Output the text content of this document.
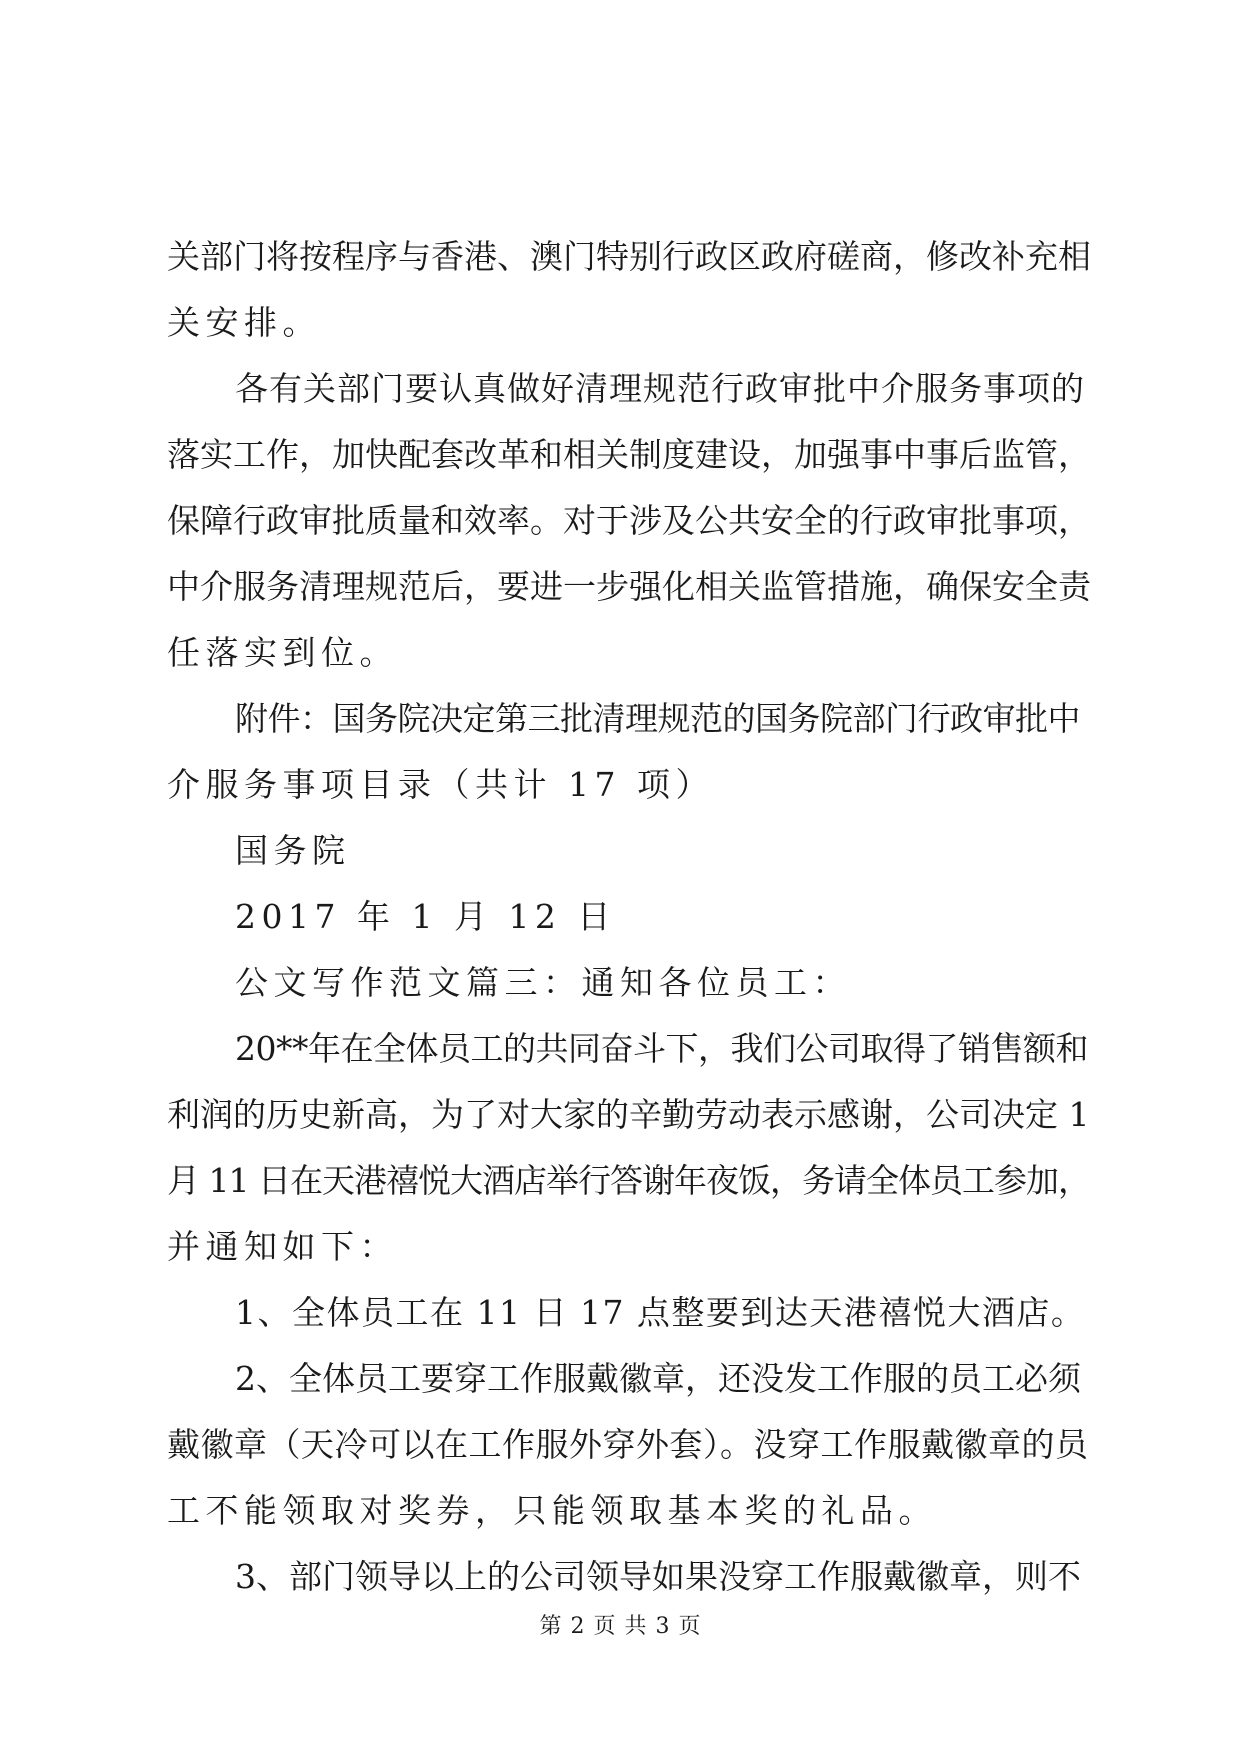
关部门将按程序与香港、澳门特别行政区政府磋商，修改补充相
关安排。
各有关部门要认真做好清理规范行政审批中介服务事项的
落实工作，加快配套改革和相关制度建设，加强事中事后监管，
保障行政审批质量和效率。对于涉及公共安全的行政审批事项，
中介服务清理规范后，要进一步强化相关监管措施，确保安全责
任落实到位。
附件：国务院决定第三批清理规范的国务院部门行政审批中
介服务事项目录（共计 17 项）
国务院
2017 年 1 月 12 日
公文写作范文篇三：通知各位员工：
20**年在全体员工的共同奋斗下，我们公司取得了销售额和
利润的历史新高，为了对大家的辛勤劳动表示感谢，公司决定 1
月 11 日在天港禧悦大酒店举行答谢年夜饭，务请全体员工参加，
并通知如下：
1、全体员工在 11 日 17 点整要到达天港禧悦大酒店。
2、全体员工要穿工作服戴徽章，还没发工作服的员工必须
戴徽章（天冷可以在工作服外穿外套）。没穿工作服戴徽章的员
工不能领取对奖券，只能领取基本奖的礼品。
3、部门领导以上的公司领导如果没穿工作服戴徽章，则不
第 2 页 共 3 页
